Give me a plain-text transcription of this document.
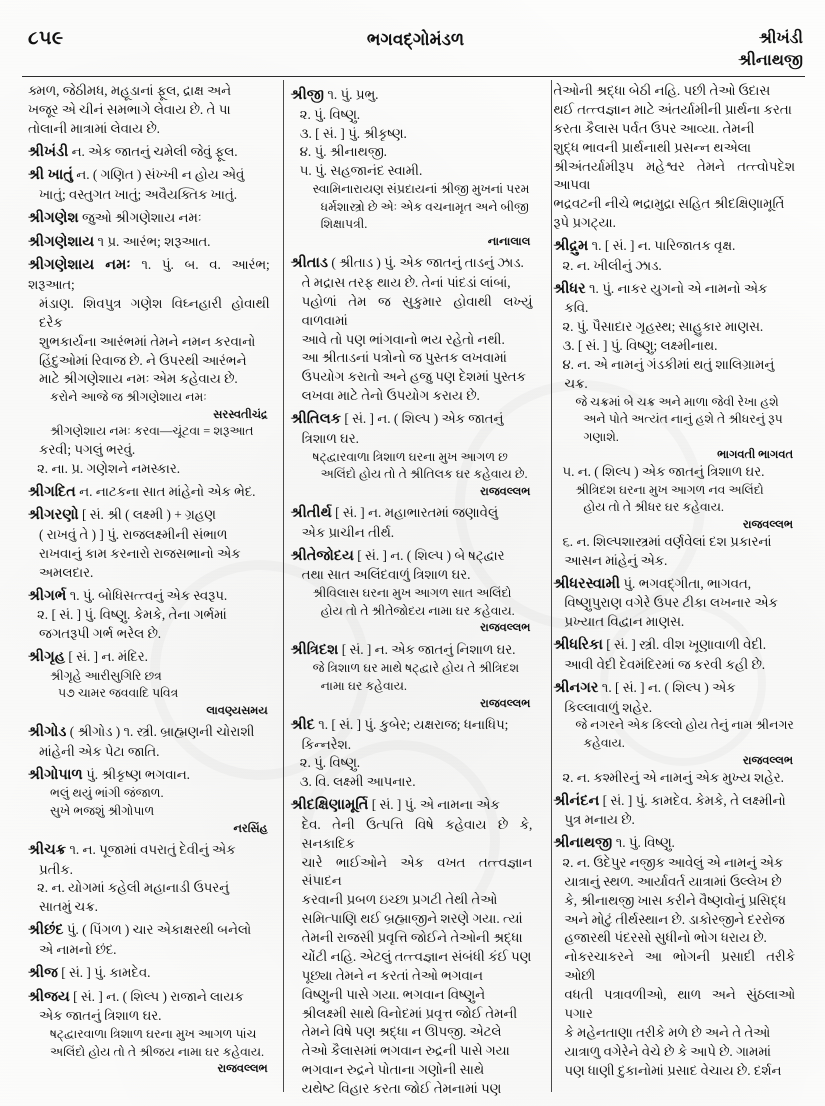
૮૫૯	ભગવદ્ગોમંડળ	શ્રીખંડી
શ્રીનાથજી

ક્મળ, જેઠીમધ, મહૂડાનાં ફૂલ, દ્રાક્ષ અને

ખજૂર એ ચીનં સમભાગે લેવાય છે. તે પા

તોલાની માત્રામાં લેવાય છે.

શ્રીખંડી ન. એક જાતનું ચમેલી જેવું ફૂલ.

શ્રી ખાતું ન. ( ગણિત ) સંખ્ખી ન હોય એવું

ખાતું; વસ્તુગત ખાતું; અવૈયક્તિક ખાતું.

શ્રીગણેશ જુઓ શ્રીગણેશાય નમઃ

શ્રીગણેશાય ૧ પ્ર. આરંભ; શરૂઆત.

શ્રીગણેશાય નમઃ ૧. પું. બ. વ. આરંભ; શરૂઆત;

મંડાણ. શિવપુત્ર ગણેશ વિઘ્નહારી હોવાથી દરેક

શુભકાર્યના આરંભમાં તેમને નમન કરવાનો

હિંદુઓમાં રિવાજ છે. ને ઉપરથી આરંભને

માટે શ્રીગણેશાય નમઃ એમ કહેવાય છે.

કરોને આજે જ શ્રીગણેશાય નમઃ

સરસ્વતીચંદ્ર

શ્રીગણેશાય નમઃ કરવા—ચૂંટવા = શરૂઆત

કરવી; પગલું ભરવું.

૨. ના. પ્ર. ગણેશને નમસ્કાર.

શ્રીગદિત ન. નાટકના સાત માંહેનો એક ભેદ.

શ્રીગરણો [ સં. શ્રી ( લક્ષ્મી ) + ગ્રહણ

( રાખવું તે ) ] પું. રાજલક્ષ્મીની સંભાળ

રાખવાનું કામ કરનારો રાજસભાનો એક

અમલદાર.

શ્રીગર્ભ ૧. પું. બોધિસત્ત્વનું એક સ્વરૂપ.

૨. [ સં. ] પું. વિષ્ણુ. કેમકે, તેના ગર્ભમાં

જગતરૂપી ગર્ભ ભરેલ છે.

શ્રીગૃહ [ સં. ] ન. મંદિર.

શ્રીગૃહે આરીસુગિરિ છત્ર

૫૭ ચામર જવવાદિ પવિત્ર

લાવણ્યસમય

શ્રીગોડ ( શ્રીગોડ ) ૧. સ્ત્રી. બ્રાહ્મણની ચોરાશી

માંહેની એક પેટા જાતિ.

શ્રીગોપાળ પું. શ્રીકૃષ્ણ ભગવાન.

ભલું થયું ભાંગી જંજાળ.

સુખે ભજશું શ્રીગોપાળ

નરસિંહ

શ્રીચક્ર ૧. ન. પૂજામાં વપરાતું દેવીનું એક

પ્રતીક.

૨. ન. યોગમાં કહેલી મહાનાડી ઉપરનું

સાતમું ચક્ર.

શ્રીછંદ પું. ( પિંગળ ) ચાર એકાક્ષરથી બનેલો

એ નામનો છંદ.

શ્રીજ [ સં. ] પું. કામદેવ.

શ્રીજય [ સં. ] ન. ( શિલ્પ ) રાજાને લાયક

એક જાતનું ત્રિશાળ ઘર.

ષટ્દ્વારવાળા ત્રિશાળ ઘરના મુખ આગળ પાંચ

અલિંદો હોય તો તે શ્રીજય નામા ઘર કહેવાય.

રાજવલ્લભ

શ્રીજી ૧. પું. પ્રભુ.

૨. પું. વિષ્ણુ.

૩. [ સં. ] પું. શ્રીકૃષ્ણ.

૪. પું. શ્રીનાથજી.

૫. પું. સહજાનંદ સ્વામી.

સ્વામિનારાયણ સંપ્રદાયનાં શ્રીજી મુખનાં પરમ

ધર્મશાસ્ત્રો છે એઃ એક વચનામૃત અને બીજી

શિક્ષાપત્રી.

નાનાલાલ

શ્રીતાડ ( શ્રીતાડ ) પું. એક જાતનું તાડનું ઝાડ.

તે મદ્રાસ તરફ થાય છે. તેનાં પાંદડાં લાંબાં,

પહોળાં તેમ જ સુકુમાર હોવાથી લખ્યું વાળવામાં

આવે તો પણ ભાંગવાનો ભય રહેતો નથી.

આ શ્રીતાડનાં પત્રોનો જ પુસ્તક લખવામાં

ઉપયોગ કરાતો અને હજુ પણ દેશમાં પુસ્તક

લખવા માટે તેનો ઉપયોગ કરાય છે.

શ્રીતિલક [ સં. ] ન. ( શિલ્પ ) એક જાતનું

ત્રિશાળ ઘર.

ષટ્દ્વારવાળા ત્રિશાળ ઘરના મુખ આગળ છ

અલિંદો હોય તો તે શ્રીતિલક ઘર કહેવાય છે.

રાજવલ્લભ

શ્રીતીર્થ [ સં. ] ન. મહાભારતમાં જણાવેલું

એક પ્રાચીન તીર્થ.

શ્રીતેજોદય [ સં. ] ન. ( શિલ્પ ) બે ષટ્દ્વાર

તથા સાત અલિંદવાળું ત્રિશાળ ઘર.

શ્રીવિલાસ ઘરના મુખ આગળ સાત અલિંદો

હોય તો તે શ્રીતેજોદય નામા ઘર કહેવાય.

રાજવલ્લભ

શ્રીત્રિદશ [ સં. ] ન. એક જાતનું નિશાળ ઘર.

જે ત્રિશાળ ઘર માથે ષટ્દ્વારે હોય તે શ્રીત્રિદશ

નામા ઘર કહેવાય.

રાજવલ્લભ

શ્રીદ ૧. [ સં. ] પું. કુબેર; યક્ષરાજ; ધનાધિપ;

કિન્નરેશ.

૨. પું. વિષ્ણુ.

૩. વિ. લક્ષ્મી આપનાર.

શ્રીદક્ષિણામૂર્તિ [ સં. ] પું. એ નામના એક

દેવ. તેની ઉત્પત્તિ વિષે કહેવાય છે કે, સનકાદિક

ચારે ભાઈઓને એક વખત તત્ત્વજ્ઞાન સંપાદન

કરવાની પ્રબળ ઇચ્છા પ્રગટી તેથી તેઓ

સમિત્પાણિ થઈ બ્રહ્માજીને શરણે ગયા. ત્યાં

તેમની રાજસી પ્રવૃત્તિ જોઈને તેઓની શ્રદ્ધા

ચોંટી નહિ. એટલું તત્ત્વજ્ઞાન સંબંધી કંઈ પણ

પૂછ્યા તેમને ન કરતાં તેઓ ભગવાન

વિષ્ણુની પાસે ગયા. ભગવાન વિષ્ણુને

શ્રીલક્ષ્મી સાથે વિનોદમાં પ્રવૃત્ત જોઈ તેમની

તેમને વિષે પણ શ્રદ્ધા ન ઊપજી. એટલે

તેઓ કૈલાસમાં ભગવાન રુદ્રની પાસે ગયા

ભગવાન રુદ્રને પોતાના ગણોની સાથે

યથેષ્ટ વિહાર કરતા જોઈ તેમનામાં પણ

તેઓની શ્રદ્ધા બેઠી નહિ. પછી તેઓ ઉદાસ

થઈ તત્ત્વજ્ઞાન માટે અંતર્યામીની પ્રાર્થના કરતા

કરતા કૈલાસ પર્વત ઉપર આવ્યા. તેમની

શુદ્ધ ભાવની પ્રાર્થનાથી પ્રસન્ન થએલા

શ્રીઅંતર્યામીરૂપ મહેશ્વર તેમને તત્ત્વોપદેશ આપવા

ભદ્રવટની નીચે ભદ્રામુદ્રા સહિત શ્રીદક્ષિણામૂર્તિ

રૂપે પ્રગટ્યા.

શ્રીદ્રુમ ૧. [ સં. ] ન. પારિજાતક વૃક્ષ.

૨. ન. ખીલીનું ઝાડ.

શ્રીધર ૧. પું. નાકર યુગનો એ નામનો એક

કવિ.

૨. પું. પૈસાદાર ગૃહસ્થ; સાહુકાર માણસ.

૩. [ સં. ] પું. વિષ્ણુ; લક્ષ્મીનાથ.

૪. ન. એ નામનું ગંડકીમાં થતું શાલિગ્રામનું

ચક્ર.

જે ચક્રમાં બે ચક્ર અને માળા જેવી રેખા હશે

અને પોતે અત્યંત નાનું હશે તે શ્રીધરનું રૂપ

ગણાશે.

ભાગવતી ભાગવત

૫. ન. ( શિલ્પ ) એક જાતનું ત્રિશાળ ઘર.

શ્રીત્રિદશ ઘરના મુખ આગળ નવ અલિંદો

હોય તો તે શ્રીધર ઘર કહેવાય.

રાજવલ્લભ

૬. ન. શિલ્પશાસ્ત્રમાં વર્ણવેલાં દશ પ્રકારનાં

આસન માંહેનું એક.

શ્રીધરસ્વામી પું. ભગવદ્ગીતા, ભાગવત,

વિષ્ણુપુરાણ વગેરે ઉપર ટીકા લખનાર એક

પ્રખ્યાત વિદ્વાન માણસ.

શ્રીધરિકા [ સં. ] સ્ત્રી. વીશ ખૂણાવાળી વેદી.

આવી વેદી દેવમંદિરમાં જ કરવી કહી છે.

શ્રીનગર ૧. [ સં. ] ન. ( શિલ્પ ) એક

કિલ્લાવાળું શહેર.

જે નગરને એક કિલ્લો હોય તેનું નામ શ્રીનગર

કહેવાય.

રાજવલ્લભ

૨. ન. કશ્મીરનું એ નામનું એક મુખ્ય શહેર.

શ્રીનંદન [ સં. ] પું. કામદેવ. કેમકે, તે લક્ષ્મીનો

પુત્ર મનાય છે.

શ્રીનાથજી ૧. પું. વિષ્ણુ.

૨. ન. ઉદેપુર નજીક આવેલું એ નામનું એક

યાત્રાનું સ્થળ. આર્યાવર્ત યાત્રામાં ઉલ્લેખ છે

કે, શ્રીનાથજી ખાસ કરીને વૈષ્ણવોનું પ્રસિદ્ધ

અને મોટું તીર્થસ્થાન છે. ડાકોરજીને દરરોજ

હજારથી પંદરસો સુધીનો ભોગ ધરાય છે.

નોકરચાકરને આ ભોગની પ્રસાદી તરીકે ઓછી

વધતી પત્રાવળીઓ, થાળ અને સુંઠલાઓ પગાર

કે મહેનતાણા તરીકે મળે છે અને તે તેઓ

યાત્રાળુ વગેરેને વેચે છે કે આપે છે. ગામમાં

પણ ધાણી દુકાનોમાં પ્રસાદ વેચાય છે. દર્શન
